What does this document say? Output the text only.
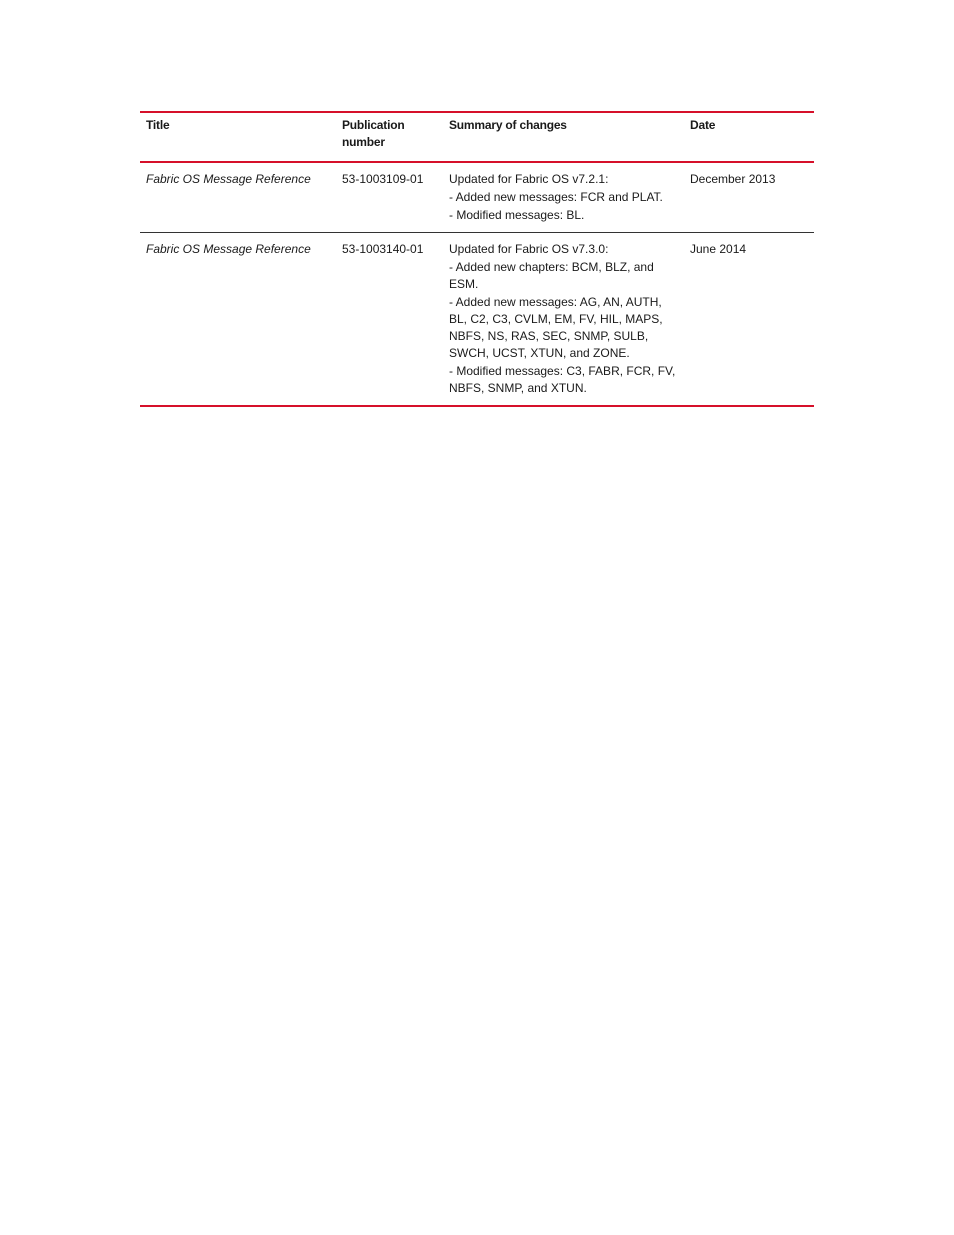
Title	Publication number	Summary of changes	Date
Fabric OS Message Reference	53-1003109-01	Updated for Fabric OS v7.2.1:
- Added new messages: FCR and PLAT.
- Modified messages: BL.	December 2013
Fabric OS Message Reference	53-1003140-01	Updated for Fabric OS v7.3.0:
- Added new chapters: BCM, BLZ, and ESM.
- Added new messages: AG, AN, AUTH, BL, C2, C3, CVLM, EM, FV, HIL, MAPS, NBFS, NS, RAS, SEC, SNMP, SULB, SWCH, UCST, XTUN, and ZONE.
- Modified messages: C3, FABR, FCR, FV, NBFS, SNMP, and XTUN.	June 2014
